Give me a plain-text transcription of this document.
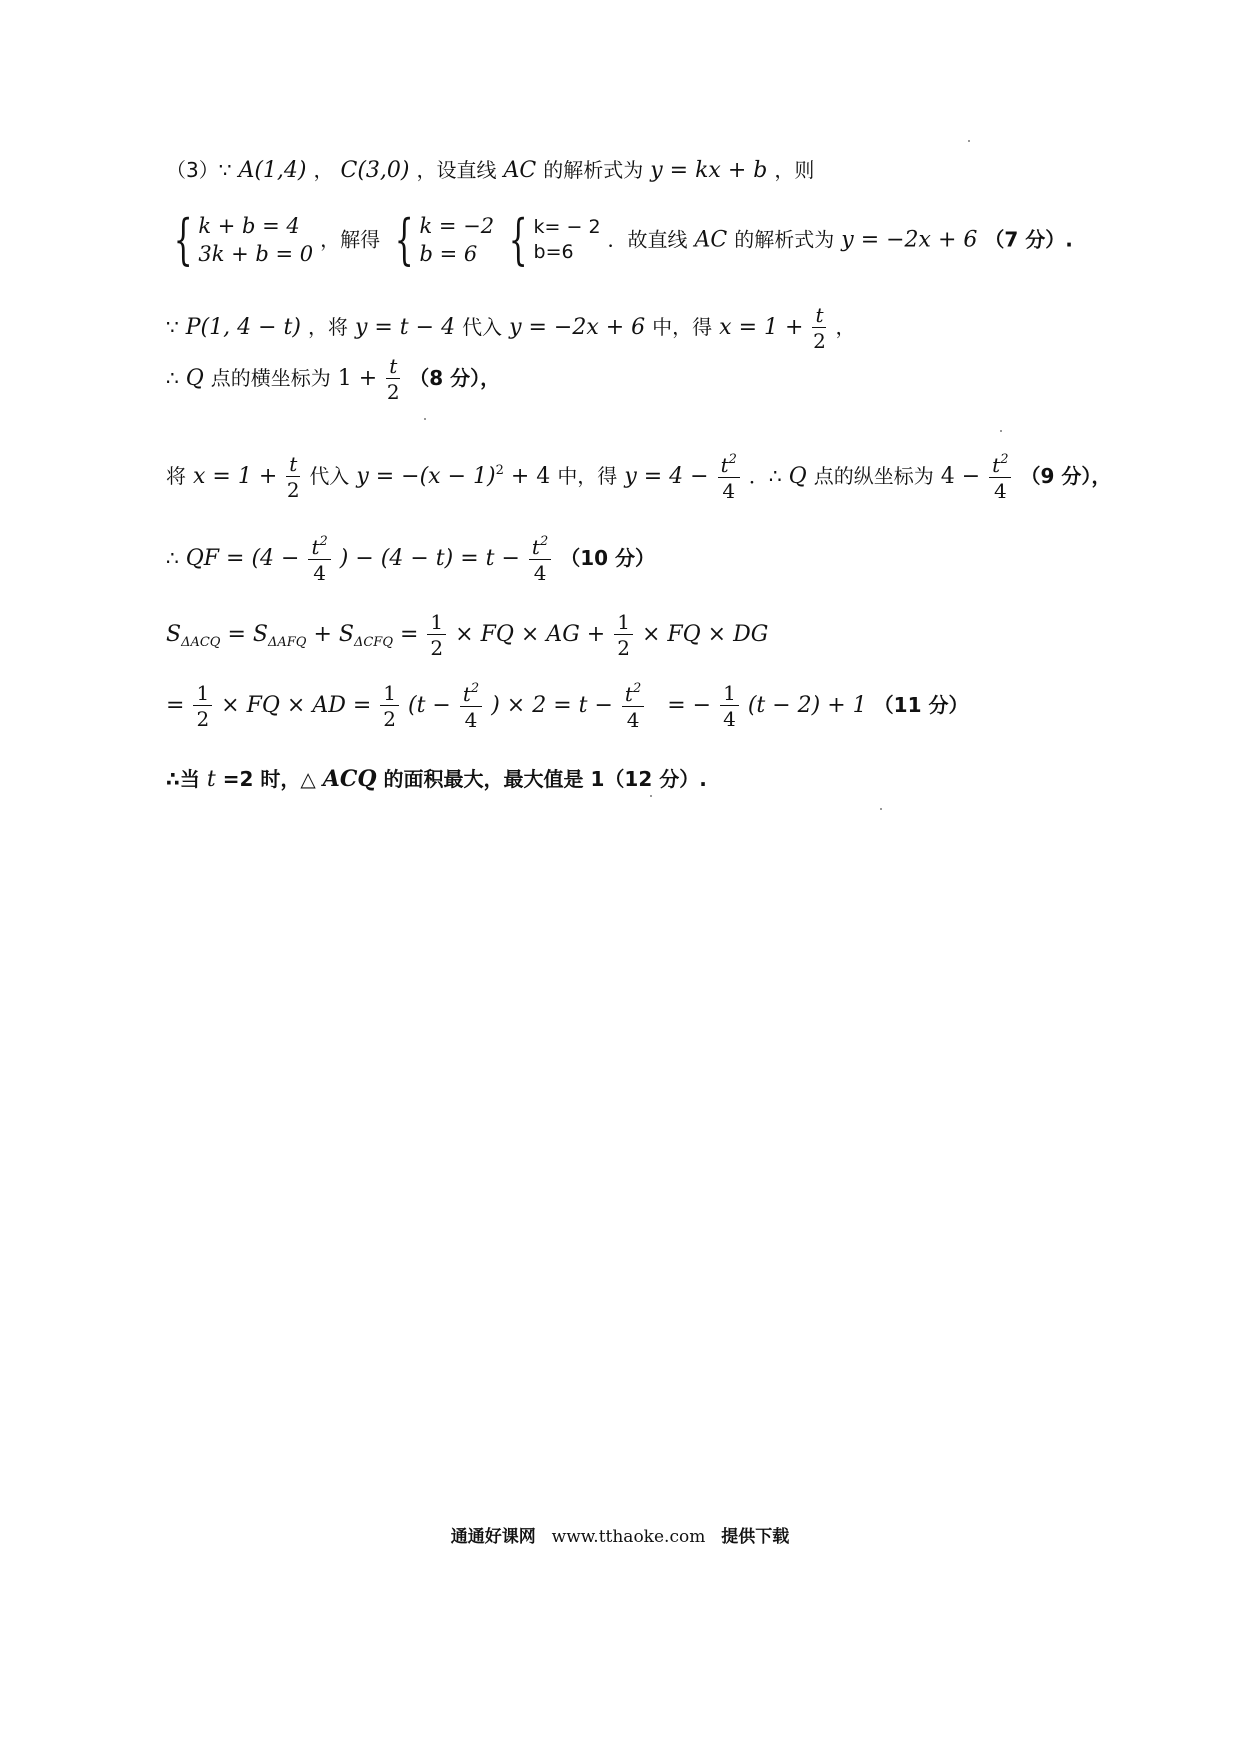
（3）∵ A(1,4) ， C(3,0) ，设直线 AC 的解析式为 y = kx + b ，则
{ k + b = 4
3k + b = 0
，解得 { k = −2
b = 6
{ k= − 2
b=6
．故直线 AC 的解析式为 y = −2x + 6 （7 分）.
∵ P(1, 4 − t) ，将 y = t − 4 代入 y = −2x + 6 中，得 $x = 1 + \frac{t}{2}$ ，
∴ Q 点的横坐标为 $1 + \frac{t}{2} (8$ 分），
将 $x = 1 + \frac{t}{2}$ 代入 $y = -(x - 1)^2 + 4$ 中，得 $y = 4 - \frac{t^2}{4}$ ．∴ Q 点的纵坐标为 $4 - \frac{t^2}{4} (9$ 分），
∴ QF = ($4 - \frac{t^2}{4}$ ) − $(4 - t) = t - \frac{t^2}{4} (10$ 分）
$S_{\Delta ACQ} = S_{\Delta AFQ} + S_{\Delta CFQ} = \frac{1}{2}$ × FQ × AG + $\frac{1}{2}$ × FQ × DG
= $\frac{1}{2}$ × FQ × AD = $\frac{1}{2} (t - \frac{t^2}{4}$ ) × $2 = t - \frac{t^2}{4}$ = − $\frac{1}{4} (t - 2) + 1$ （11 分）
∴当 t =2 时，△ ACQ 的面积最大，最大值是 1（12 分）.
通通好课网 www.tthaoke.com 提供下载
